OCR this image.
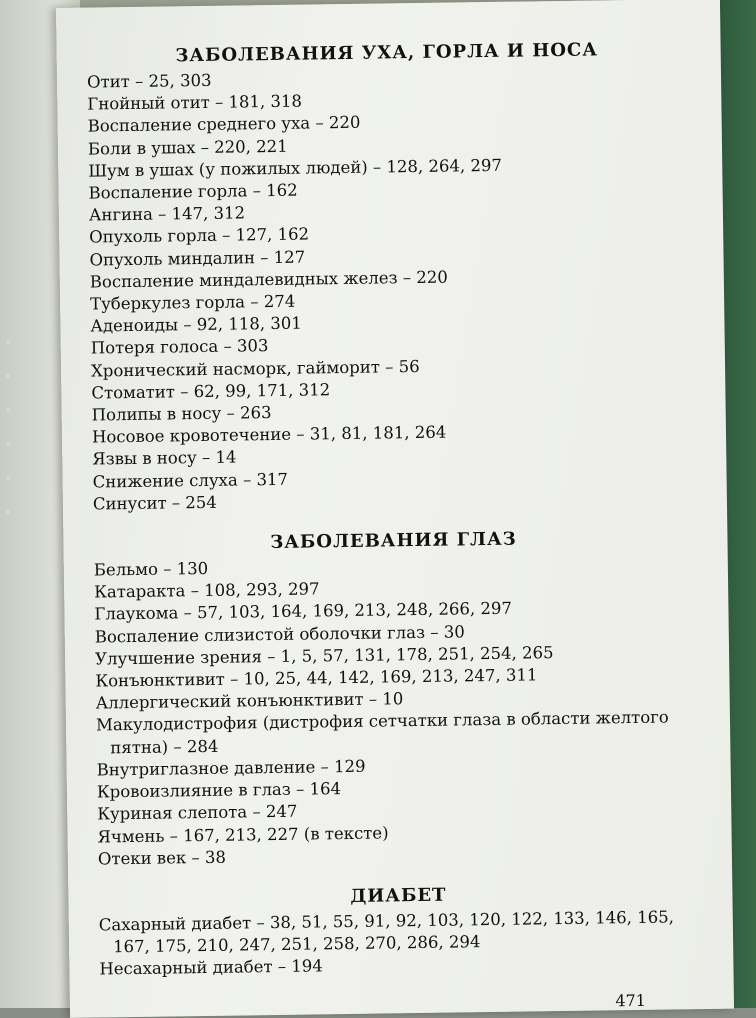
ЗАБОЛЕВАНИЯ УХА, ГОРЛА И НОСА
Отит – 25, 303
Гнойный отит – 181, 318
Воспаление среднего уха – 220
Боли в ушах – 220, 221
Шум в ушах (у пожилых людей) – 128, 264, 297
Воспаление горла – 162
Ангина – 147, 312
Опухоль горла – 127, 162
Опухоль миндалин – 127
Воспаление миндалевидных желез – 220
Туберкулез горла – 274
Аденоиды – 92, 118, 301
Потеря голоса – 303
Хронический насморк, гайморит – 56
Стоматит – 62, 99, 171, 312
Полипы в носу – 263
Носовое кровотечение – 31, 81, 181, 264
Язвы в носу – 14
Снижение слуха – 317
Синусит – 254
ЗАБОЛЕВАНИЯ ГЛАЗ
Бельмо – 130
Катаракта – 108, 293, 297
Глаукома – 57, 103, 164, 169, 213, 248, 266, 297
Воспаление слизистой оболочки глаз – 30
Улучшение зрения – 1, 5, 57, 131, 178, 251, 254, 265
Конъюнктивит – 10, 25, 44, 142, 169, 213, 247, 311
Аллергический конъюнктивит – 10
Макулодистрофия (дистрофия сетчатки глаза в области желтого пятна) – 284
Внутриглазное давление – 129
Кровоизлияние в глаз – 164
Куриная слепота – 247
Ячмень – 167, 213, 227 (в тексте)
Отеки век – 38
ДИАБЕТ
Сахарный диабет – 38, 51, 55, 91, 92, 103, 120, 122, 133, 146, 165, 167, 175, 210, 247, 251, 258, 270, 286, 294
Несахарный диабет – 194
471
